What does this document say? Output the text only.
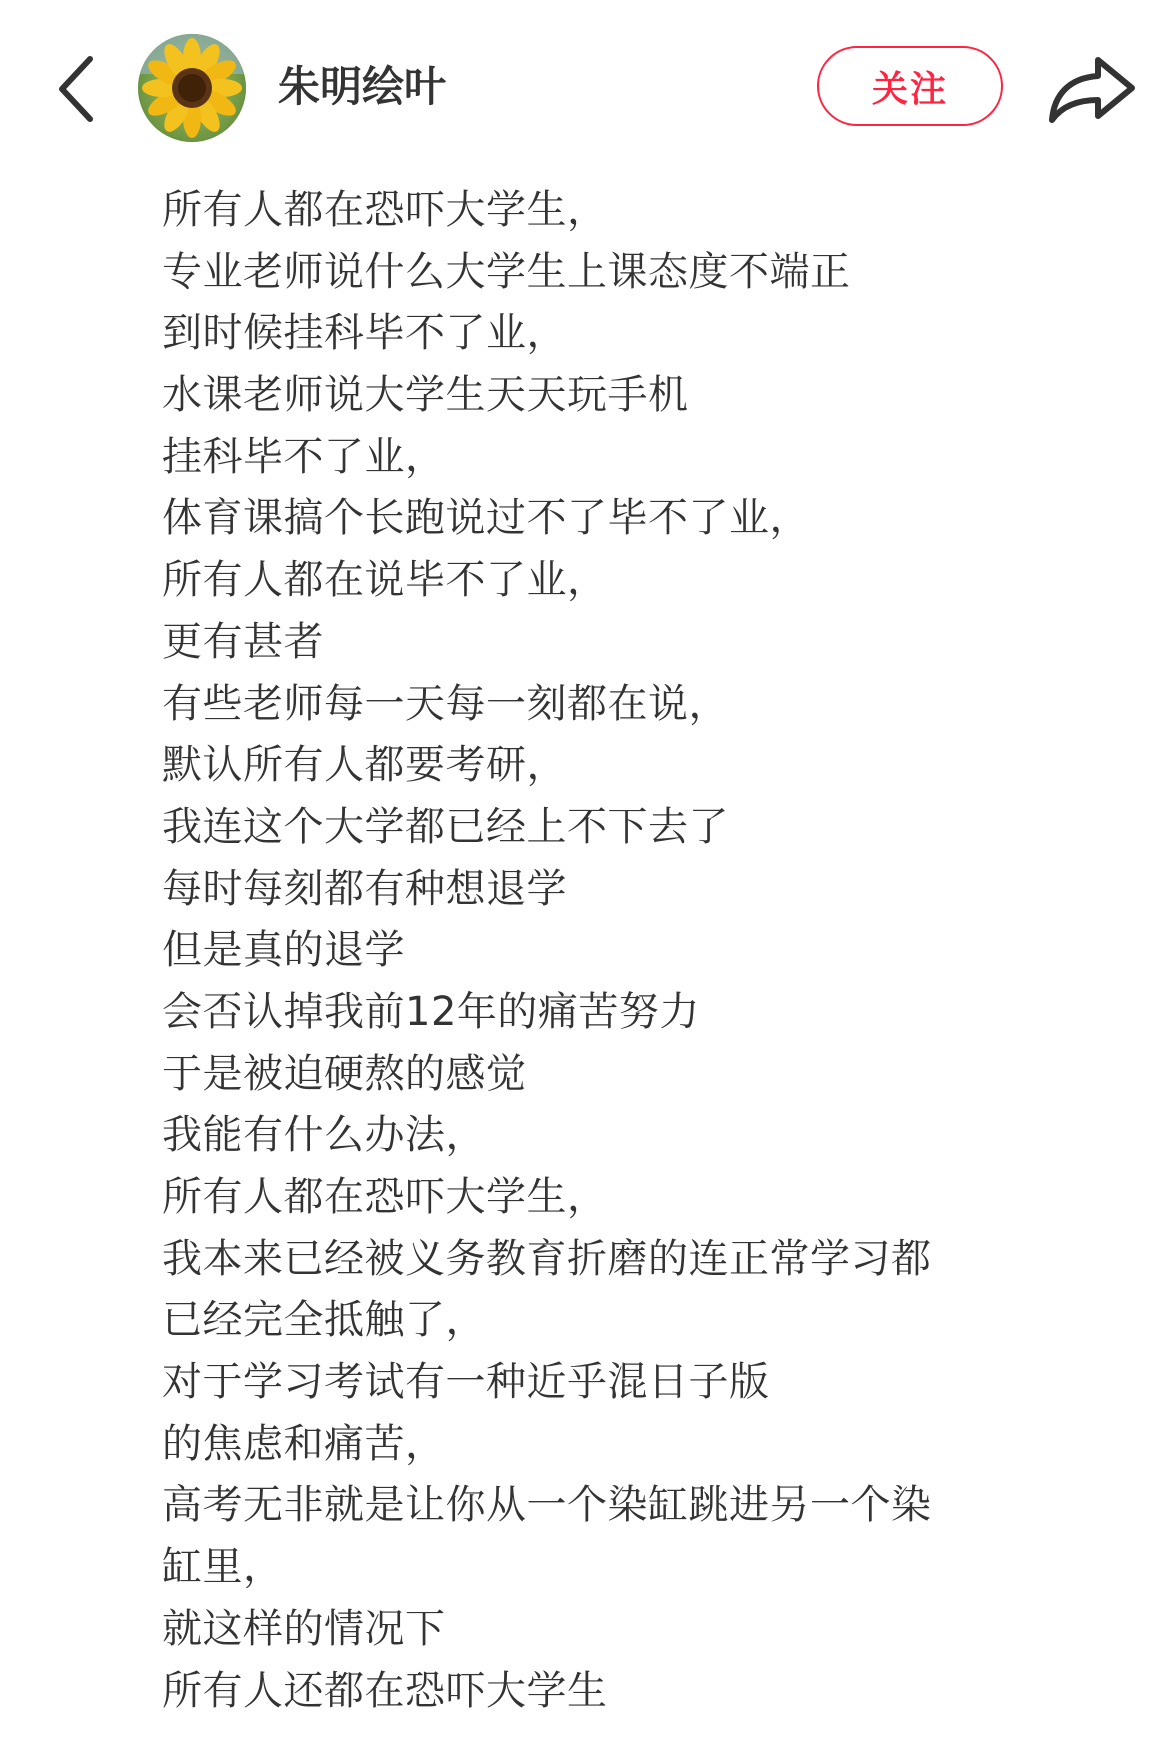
朱明绘叶	关注
所有人都在恐吓大学生，
专业老师说什么大学生上课态度不端正
到时候挂科毕不了业，
水课老师说大学生天天玩手机
挂科毕不了业，
体育课搞个长跑说过不了毕不了业，
所有人都在说毕不了业，
更有甚者
有些老师每一天每一刻都在说，
默认所有人都要考研，
我连这个大学都已经上不下去了
每时每刻都有种想退学
但是真的退学
会否认掉我前12年的痛苦努力
于是被迫硬熬的感觉
我能有什么办法，
所有人都在恐吓大学生，
我本来已经被义务教育折磨的连正常学习都
已经完全抵触了，
对于学习考试有一种近乎混日子版
的焦虑和痛苦，
高考无非就是让你从一个染缸跳进另一个染
缸里，
就这样的情况下
所有人还都在恐吓大学生
